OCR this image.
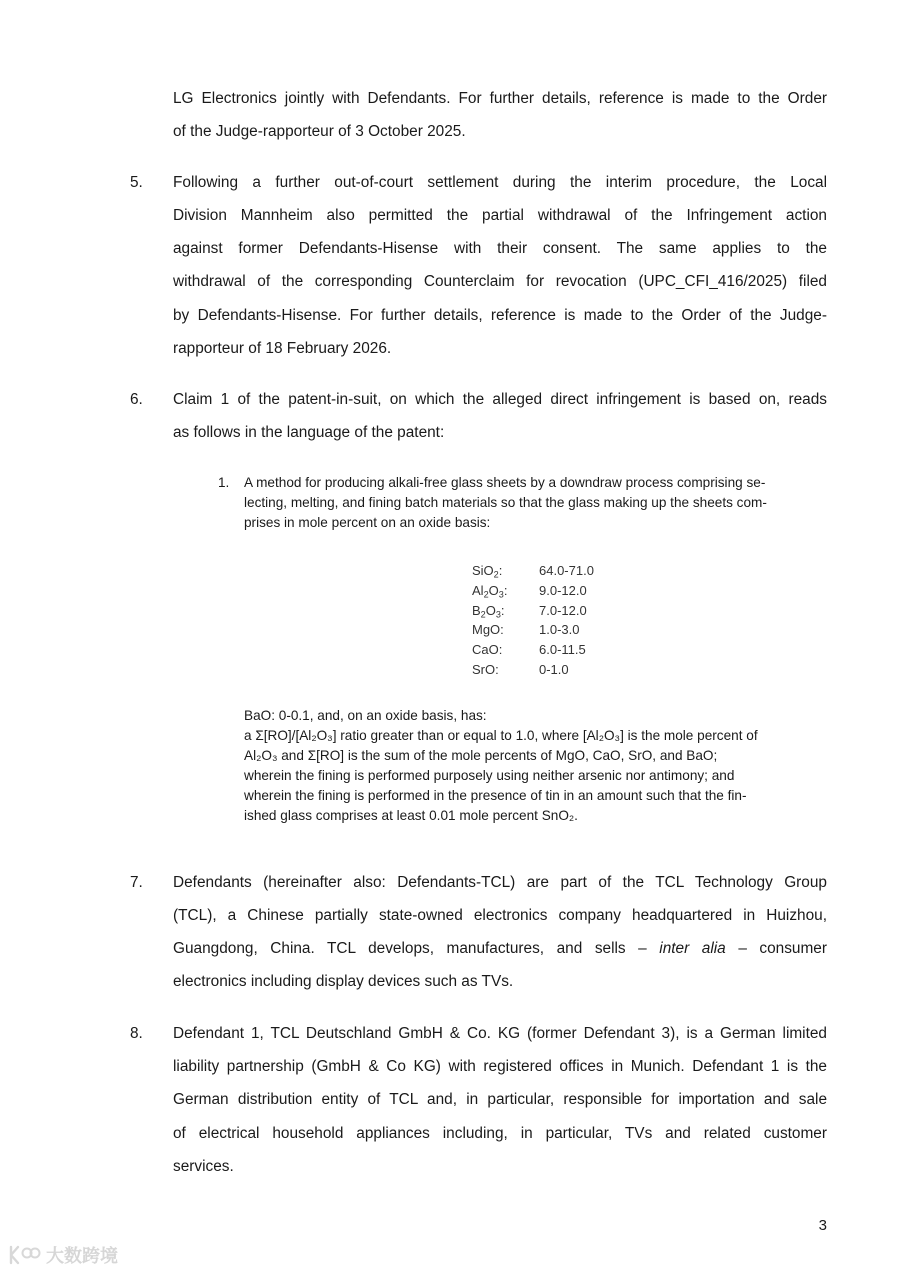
LG Electronics jointly with Defendants. For further details, reference is made to the Order
of the Judge-rapporteur of 3 October 2025.
5. Following a further out-of-court settlement during the interim procedure, the Local
Division Mannheim also permitted the partial withdrawal of the Infringement action
against former Defendants-Hisense with their consent. The same applies to the
withdrawal of the corresponding Counterclaim for revocation (UPC_CFI_416/2025) filed
by Defendants-Hisense. For further details, reference is made to the Order of the Judge-
rapporteur of 18 February 2026.
6. Claim 1 of the patent-in-suit, on which the alleged direct infringement is based on, reads
as follows in the language of the patent:
1. A method for producing alkali-free glass sheets by a downdraw process comprising se-
lecting, melting, and fining batch materials so that the glass making up the sheets com-
prises in mole percent on an oxide basis:
SiO$_2$:	64.0-71.0
$Al_2O_3$: 9.0-12.0
$B_2O_3$:	7.0-12.0
MgO:	1.0-3.0
CaO:	6.0-11.5
SrO:	0-1.0
BaO: 0-0.1, and, on an oxide basis, has:
a Σ[RO]/[Al₂O₃] ratio greater than or equal to 1.0, where [Al₂O₃] is the mole percent of
Al₂O₃ and Σ[RO] is the sum of the mole percents of MgO, CaO, SrO, and BaO;
wherein the fining is performed purposely using neither arsenic nor antimony; and
wherein the fining is performed in the presence of tin in an amount such that the fin-
ished glass comprises at least 0.01 mole percent SnO₂.
7. Defendants (hereinafter also: Defendants-TCL) are part of the TCL Technology Group
(TCL), a Chinese partially state-owned electronics company headquartered in Huizhou,
Guangdong, China. TCL develops, manufactures, and sells – inter alia – consumer
electronics including display devices such as TVs.
8. Defendant 1, TCL Deutschland GmbH & Co. KG (former Defendant 3), is a German limited
liability partnership (GmbH & Co KG) with registered offices in Munich. Defendant 1 is the
German distribution entity of TCL and, in particular, responsible for importation and sale
of electrical household appliances including, in particular, TVs and related customer
services.
3
大数跨境
